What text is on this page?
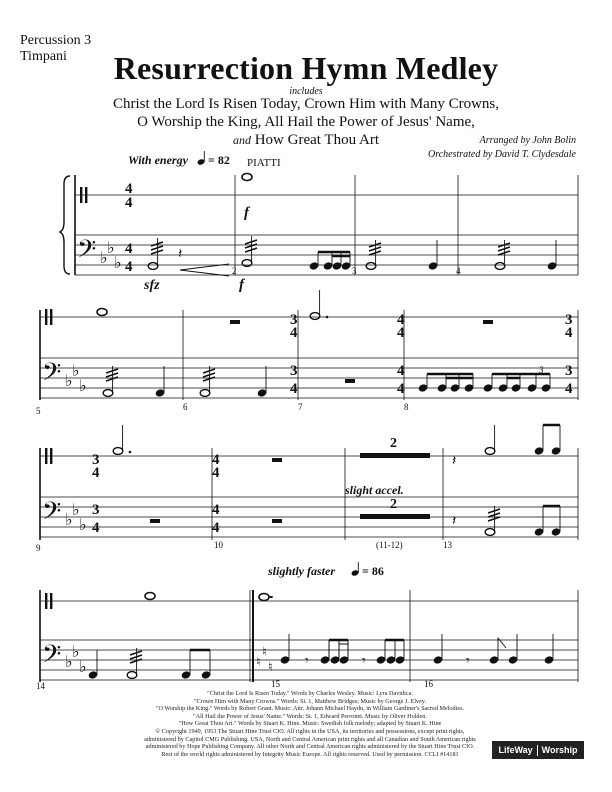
Percussion 3
Timpani	Resurrection Hymn Medley
includes
Christ the Lord Is Risen Today, Crown Him with Many Crowns,
O Worship the King, All Hail the Power of Jesus' Name,
and How Great Thou Art	Arranged by John Bolin
Orchestrated by David T. Clydesdale
𝄢
𝄢
𝄢
𝄢
♭
♭
♭
♭
♭
♭
♭
♭
♭
♭
♭
♭	♮
♮
♮
4
4
4
4
3
4
3
4
4
4
4
4
3
4
3
4
3
4
3
4
4
4
4
4
𝄽
𝄽
𝄽
𝄾	𝄾	𝄾
With energy = 82 PIATTI
f
sfz	f
3
slight accel.
2
2
slightly faster = 86
2	3	4
5	6	7	8
9	10	(11-12)	13
14	15	16
"Christ the Lord Is Risen Today." Words by Charles Wesley. Music: Lyra Davidica.
"Crown Him with Many Crowns." Words: St. 1, Matthew Bridges; Music by George J. Elvey.
"O Worship the King." Words by Robert Grant. Music: Attr. Johann Michael Haydn, in William Gardiner's Sacred Melodies.
"All Hail the Power of Jesus' Name." Words: St. 1, Edward Perronet. Music by Oliver Holden.
"How Great Thou Art." Words by Stuart K. Hine. Music: Swedish folk melody; adapted by Stuart K. Hine
© Copyright 1949, 1953 The Stuart Hine Trust CIO. All rights in the USA, its territories and possessions, except print rights,
administered by Capitol CMG Publishing. USA, North and Central American print rights and all Canadian and South American rights
administered by Hope Publishing Company. All other North and Central American rights administered by the Stuart Hine Trust CIO.
Rest of the world rights administered by Integrity Music Europe. All rights reserved. Used by permission. CCLI #14181	LifeWay Worship
